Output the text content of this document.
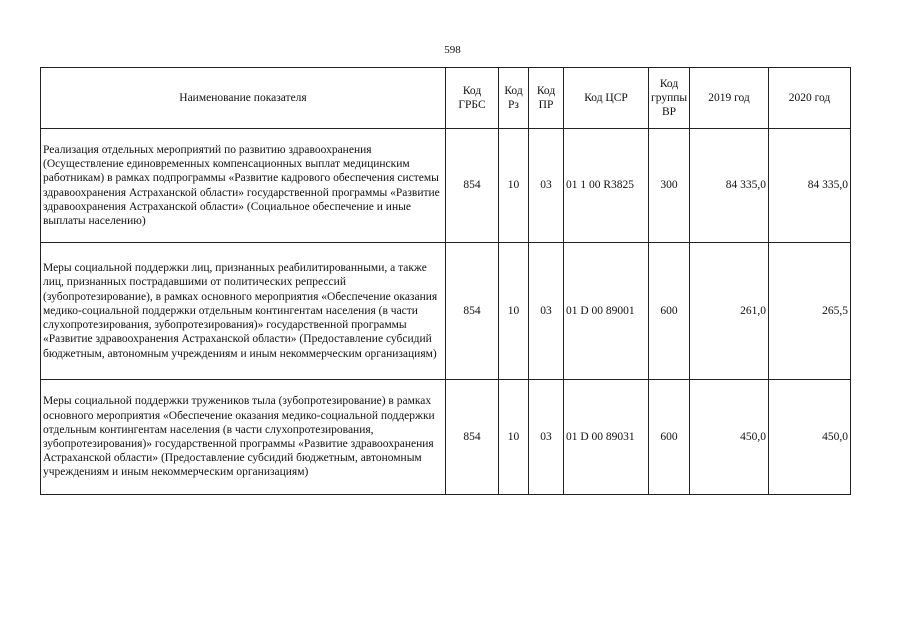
598
Наименование показателя	Код ГРБС	Код Рз	Код ПР	Код ЦСР	Код группы ВР	2019 год	2020 год
Реализация отдельных мероприятий по развитию здравоохранения (Осуществление единовременных компенсационных выплат медицинским работникам) в рамках подпрограммы «Развитие кадрового обеспечения системы здравоохранения Астраханской области» государственной программы «Развитие здравоохранения Астраханской области» (Социальное обеспечение и иные выплаты населению)	854	10	03	01 1 00 R3825	300	84 335,0	84 335,0
Меры социальной поддержки лиц, признанных реабилитированными, а также лиц, признанных пострадавшими от политических репрессий (зубопротезирование), в рамках основного мероприятия «Обеспечение оказания медико-социальной поддержки отдельным контингентам населения (в части слухопротезирования, зубопротезирования)» государственной программы «Развитие здравоохранения Астраханской области» (Предоставление субсидий бюджетным, автономным учреждениям и иным некоммерческим организациям)	854	10	03	01 D 00 89001	600	261,0	265,5
Меры социальной поддержки тружеников тыла (зубопротезирование) в рамках основного мероприятия «Обеспечение оказания медико-социальной поддержки отдельным контингентам населения (в части слухопротезирования, зубопротезирования)» государственной программы «Развитие здравоохранения Астраханской области» (Предоставление субсидий бюджетным, автономным учреждениям и иным некоммерческим организациям)	854	10	03	01 D 00 89031	600	450,0	450,0
